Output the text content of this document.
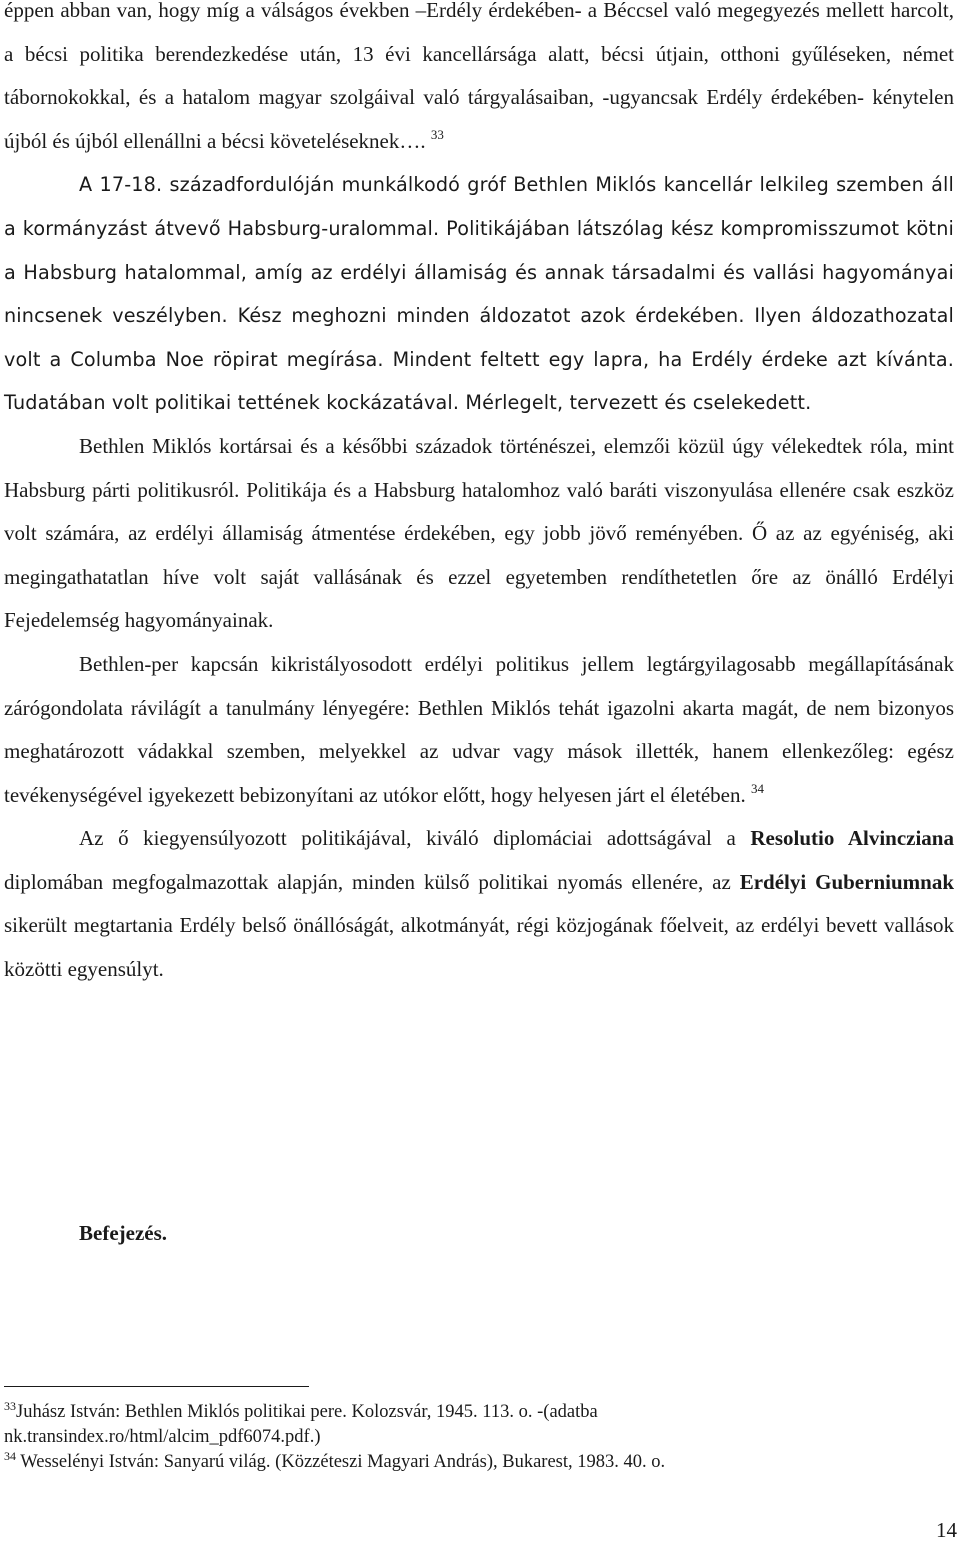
éppen abban van, hogy míg a válságos években –Erdély érdekében- a Béccsel való megegyezés mellett harcolt, a bécsi politika berendezkedése után, 13 évi kancellársága alatt, bécsi útjain, otthoni gyűléseken, német tábornokokkal, és a hatalom magyar szolgáival való tárgyalásaiban, -ugyancsak Erdély érdekében- kénytelen újból és újból ellenállni a bécsi követeléseknek…. $^{33}$

A 17-18. századfordulóján munkálkodó gróf Bethlen Miklós kancellár lelkileg szemben áll a kormányzást átvevő Habsburg-uralommal. Politikájában látszólag kész kompromisszumot kötni a Habsburg hatalommal, amíg az erdélyi államiság és annak társadalmi és vallási hagyományai nincsenek veszélyben. Kész meghozni minden áldozatot azok érdekében. Ilyen áldozathozatal volt a Columba Noe röpirat megírása. Mindent feltett egy lapra, ha Erdély érdeke azt kívánta. Tudatában volt politikai tettének kockázatával. Mérlegelt, tervezett és cselekedett.

Bethlen Miklós kortársai és a későbbi századok történészei, elemzői közül úgy vélekedtek róla, mint Habsburg párti politikusról. Politikája és a Habsburg hatalomhoz való baráti viszonyulása ellenére csak eszköz volt számára, az erdélyi államiság átmentése érdekében, egy jobb jövő reményében. Ő az az egyéniség, aki megingathatatlan híve volt saját vallásának és ezzel egyetemben rendíthetetlen őre az önálló Erdélyi Fejedelemség hagyományainak.

Bethlen-per kapcsán kikristályosodott erdélyi politikus jellem legtárgyilagosabb megállapításának zárógondolata rávilágít a tanulmány lényegére: Bethlen Miklós tehát igazolni akarta magát, de nem bizonyos meghatározott vádakkal szemben, melyekkel az udvar vagy mások illették, hanem ellenkezőleg: egész tevékenységével igyekezett bebizonyítani az utókor előtt, hogy helyesen járt el életében. $^{34}$

Az ő kiegyensúlyozott politikájával, kiváló diplomáciai adottságával a Resolutio Alvincziana diplomában megfogalmazottak alapján, minden külső politikai nyomás ellenére, az Erdélyi Guberniumnak sikerült megtartania Erdély belső önállóságát, alkotmányát, régi közjogának főelveit, az erdélyi bevett vallások közötti egyensúlyt.

Befejezés.

$^{33}$Juhász István: Bethlen Miklós politikai pere. Kolozsvár, 1945. 113. o. -(adatba nk.transindex.ro/html/alcim_pdf6074.pdf.)

$^{34}$ Wesselényi István: Sanyarú világ. (Közzéteszi Magyari András), Bukarest, 1983. 40. o.

14
